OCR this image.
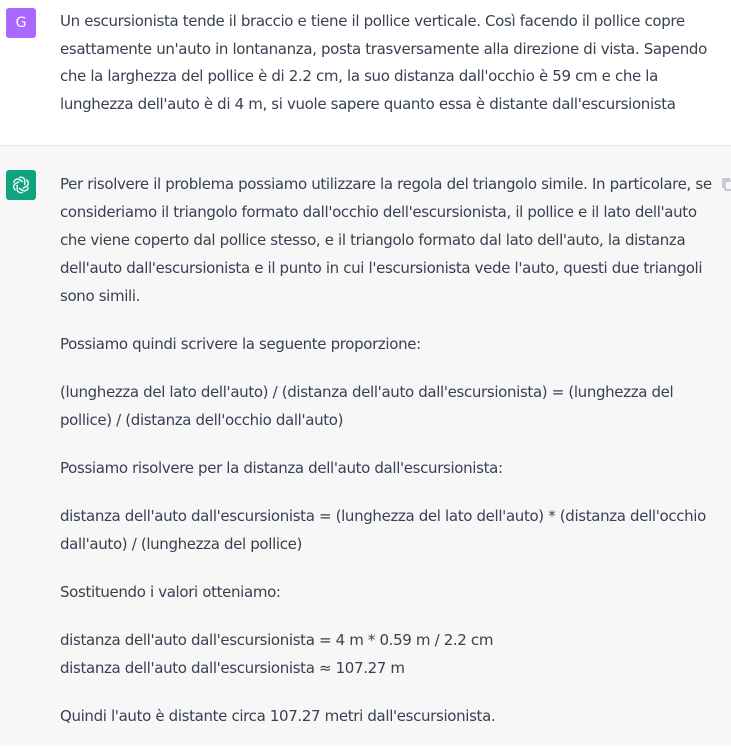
G	Un escursionista tende il braccio e tiene il pollice verticale. Così facendo il pollice copre
esattamente un'auto in lontananza, posta trasversamente alla direzione di vista. Sapendo
che la larghezza del pollice è di 2.2 cm, la suo distanza dall'occhio è 59 cm e che la
lunghezza dell'auto è di 4 m, si vuole sapere quanto essa è distante dall'escursionista

Per risolvere il problema possiamo utilizzare la regola del triangolo simile. In particolare, se consideriamo il triangolo formato dall'occhio dell'escursionista, il pollice e il lato dell'auto che viene coperto dal pollice stesso, e il triangolo formato dal lato dell'auto, la distanza dell'auto dall'escursionista e il punto in cui l'escursionista vede l'auto, questi due triangoli sono simili.

Possiamo quindi scrivere la seguente proporzione:

(lunghezza del lato dell'auto) / (distanza dell'auto dall'escursionista) = (lunghezza del pollice) / (distanza dell'occhio dall'auto)

Possiamo risolvere per la distanza dell'auto dall'escursionista:

distanza dell'auto dall'escursionista = (lunghezza del lato dell'auto) * (distanza dell'occhio dall'auto) / (lunghezza del pollice)

Sostituendo i valori otteniamo:

distanza dell'auto dall'escursionista = 4 m * 0.59 m / 2.2 cm

distanza dell'auto dall'escursionista ≈ 107.27 m

Quindi l'auto è distante circa 107.27 metri dall'escursionista.
